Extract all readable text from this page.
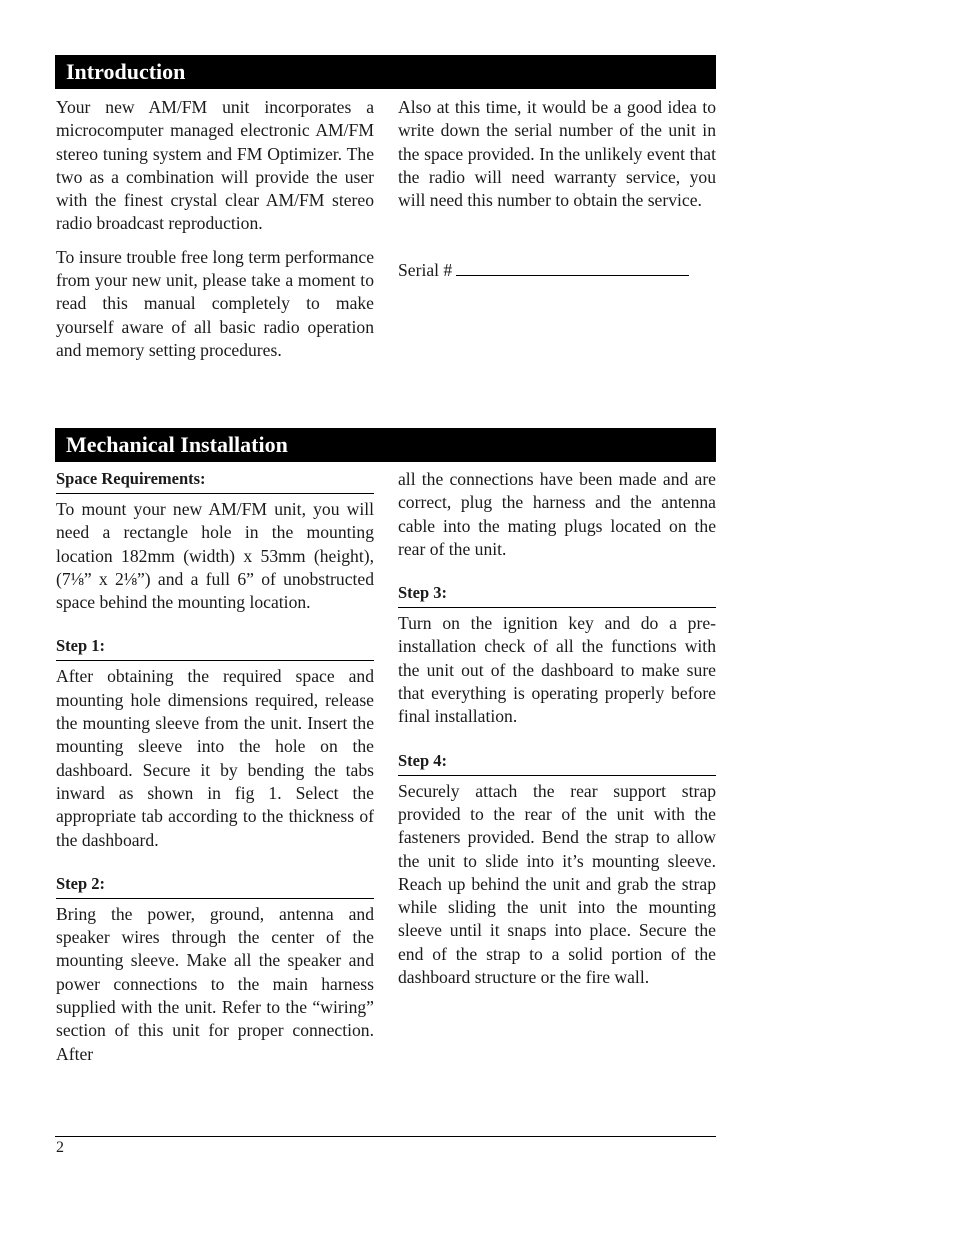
Introduction

Your new AM/FM unit incorporates a microcomputer managed electronic AM/FM stereo tuning system and FM Optimizer. The two as a combination will provide the user with the finest crystal clear AM/FM stereo radio broadcast reproduction.

To insure trouble free long term performance from your new unit, please take a moment to read this manual completely to make yourself aware of all basic radio operation and memory setting procedures.

Also at this time, it would be a good idea to write down the serial number of the unit in the space provided. In the unlikely event that the radio will need warranty service, you will need this number to obtain the service.

Serial #
Mechanical Installation
Space Requirements:

To mount your new AM/FM unit, you will need a rectangle hole in the mounting location 182mm (width) x 53mm (height), (7⅛” x 2⅛”) and a full 6” of unobstructed space behind the mounting location.

Step 1:

After obtaining the required space and mounting hole dimensions required, release the mounting sleeve from the unit. Insert the mounting sleeve into the hole on the dashboard. Secure it by bending the tabs inward as shown in fig 1. Select the appropriate tab according to the thickness of the dashboard.

Step 2:

Bring the power, ground, antenna and speaker wires through the center of the mounting sleeve. Make all the speaker and power connections to the main harness supplied with the unit. Refer to the “wiring” section of this unit for proper connection. After

all the connections have been made and are correct, plug the harness and the antenna cable into the mating plugs located on the rear of the unit.

Step 3:

Turn on the ignition key and do a pre-installation check of all the functions with the unit out of the dashboard to make sure that everything is operating properly before final installation.

Step 4:

Securely attach the rear support strap provided to the rear of the unit with the fasteners provided. Bend the strap to allow the unit to slide into it’s mounting sleeve. Reach up behind the unit and grab the strap while sliding the unit into the mounting sleeve until it snaps into place. Secure the end of the strap to a solid portion of the dashboard structure or the fire wall.

2
